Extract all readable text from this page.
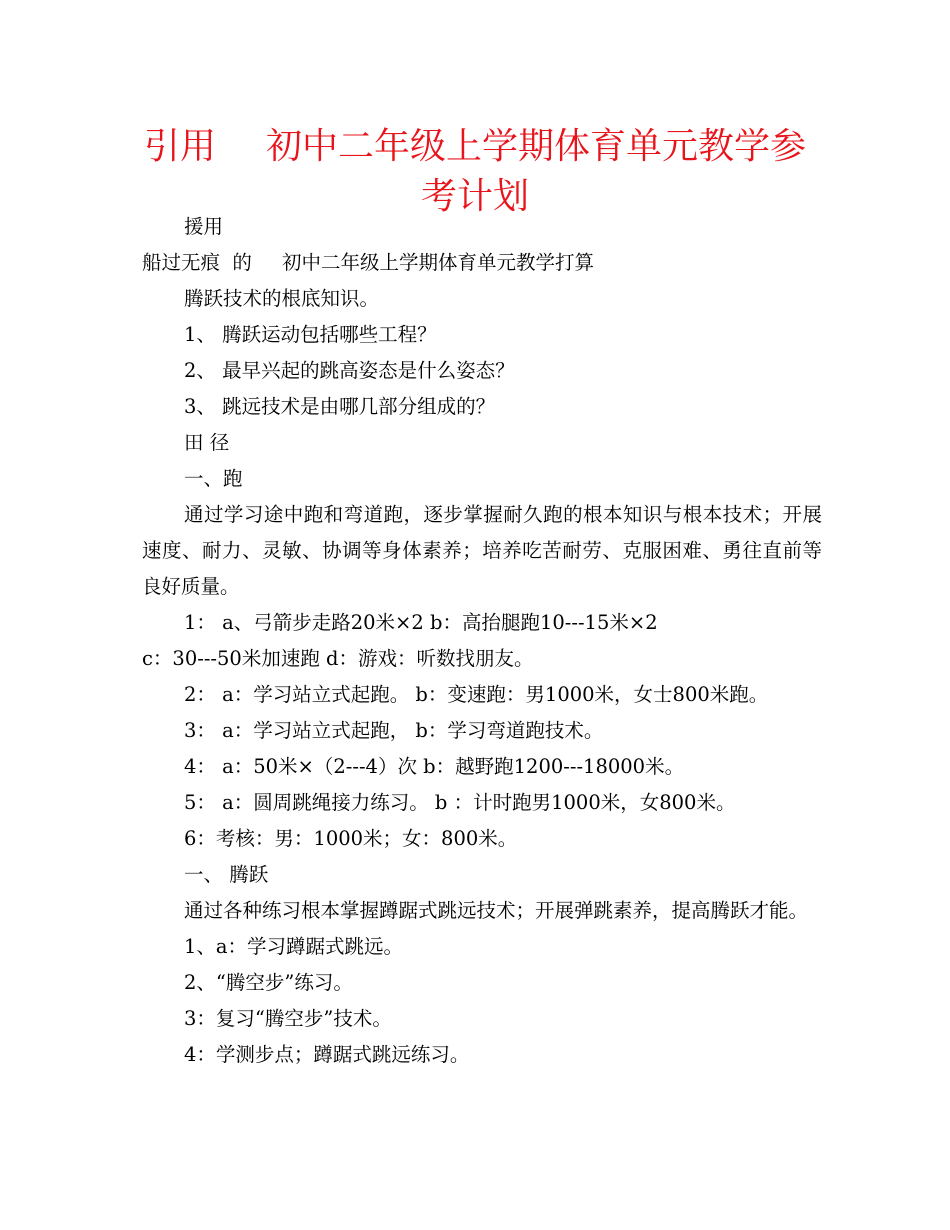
引用 初中二年级上学期体育单元教学参
考计划

援用

船过无痕 的 初中二年级上学期体育单元教学打算

腾跃技术的根底知识。

1、 腾跃运动包括哪些工程？

2、 最早兴起的跳高姿态是什么姿态？

3、 跳远技术是由哪几部分组成的？

田 径

一、跑

通过学习途中跑和弯道跑，逐步掌握耐久跑的根本知识与根本技术；开展速度、耐力、灵敏、协调等身体素养；培养吃苦耐劳、克服困难、勇往直前等良好质量。

1： a、弓箭步走路20米×2 b：高抬腿跑10---15米×2

c：30---50米加速跑 d：游戏：听数找朋友。

2： a：学习站立式起跑。 b：变速跑：男1000米，女士800米跑。

3： a：学习站立式起跑， b：学习弯道跑技术。

4： a：50米×（2---4）次 b：越野跑1200---18000米。

5： a：圆周跳绳接力练习。 b ：计时跑男1000米，女800米。

6：考核：男：1000米；女：800米。

一、 腾跃

通过各种练习根本掌握蹲踞式跳远技术；开展弹跳素养，提高腾跃才能。

1、a：学习蹲踞式跳远。

2、“腾空步”练习。

3：复习“腾空步”技术。

4：学测步点；蹲踞式跳远练习。
